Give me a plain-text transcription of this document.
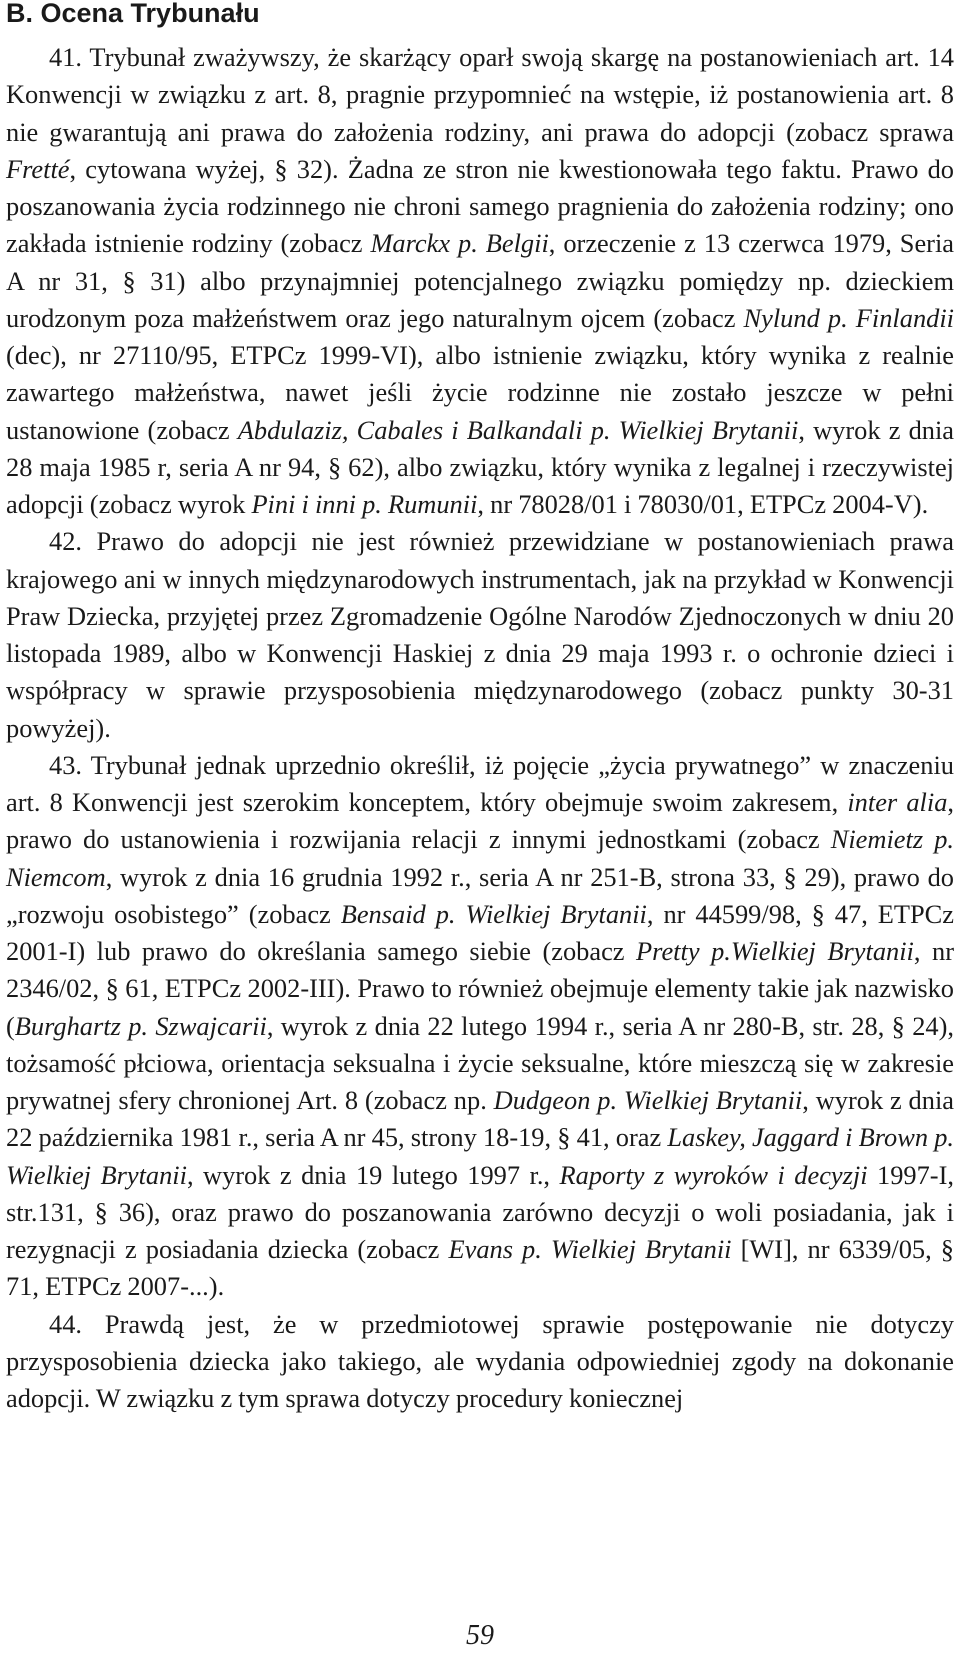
B. Ocena Trybunału

41. Trybunał zważywszy, że skarżący oparł swoją skargę na postanowieniach art. 14 Konwencji w związku z art. 8, pragnie przypomnieć na wstępie, iż postanowienia art. 8 nie gwarantują ani prawa do założenia rodziny, ani prawa do adopcji (zobacz sprawa Fretté, cytowana wyżej, § 32). Żadna ze stron nie kwestionowała tego faktu. Prawo do poszanowania życia rodzinnego nie chroni samego pragnienia do założenia rodziny; ono zakłada istnienie rodziny (zobacz Marckx p. Belgii, orzeczenie z 13 czerwca 1979, Seria A nr 31, § 31) albo przynajmniej potencjalnego związku pomiędzy np. dzieckiem urodzonym poza małżeństwem oraz jego naturalnym ojcem (zobacz Nylund p. Finlandii (dec), nr 27110/95, ETPCz 1999-VI), albo istnienie związku, który wynika z realnie zawartego małżeństwa, nawet jeśli życie rodzinne nie zostało jeszcze w pełni ustanowione (zobacz Abdulaziz, Cabales i Balkandali p. Wielkiej Brytanii, wyrok z dnia 28 maja 1985 r, seria A nr 94, § 62), albo związku, który wynika z legalnej i rzeczywistej adopcji (zobacz wyrok Pini i inni p. Rumunii, nr 78028/01 i 78030/01, ETPCz 2004-V).

42. Prawo do adopcji nie jest również przewidziane w postanowieniach prawa krajowego ani w innych międzynarodowych instrumentach, jak na przykład w Konwencji Praw Dziecka, przyjętej przez Zgromadzenie Ogólne Narodów Zjednoczonych w dniu 20 listopada 1989, albo w Konwencji Haskiej z dnia 29 maja 1993 r. o ochronie dzieci i współpracy w sprawie przysposobienia międzynarodowego (zobacz punkty 30-31 powyżej).

43. Trybunał jednak uprzednio określił, iż pojęcie „życia prywatnego” w znaczeniu art. 8 Konwencji jest szerokim konceptem, który obejmuje swoim zakresem, inter alia, prawo do ustanowienia i rozwijania relacji z innymi jednostkami (zobacz Niemietz p. Niemcom, wyrok z dnia 16 grudnia 1992 r., seria A nr 251-B, strona 33, § 29), prawo do „rozwoju osobistego” (zobacz Bensaid p. Wielkiej Brytanii, nr 44599/98, § 47, ETPCz 2001-I) lub prawo do określania samego siebie (zobacz Pretty p.Wielkiej Brytanii, nr 2346/02, § 61, ETPCz 2002-III). Prawo to również obejmuje elementy takie jak nazwisko (Burghartz p. Szwajcarii, wyrok z dnia 22 lutego 1994 r., seria A nr 280-B, str. 28, § 24), tożsamość płciowa, orientacja seksualna i życie seksualne, które mieszczą się w zakresie prywatnej sfery chronionej Art. 8 (zobacz np. Dudgeon p. Wielkiej Brytanii, wyrok z dnia 22 października 1981 r., seria A nr 45, strony 18-19, § 41, oraz Laskey, Jaggard i Brown p. Wielkiej Brytanii, wyrok z dnia 19 lutego 1997 r., Raporty z wyroków i decyzji 1997-I, str.131, § 36), oraz prawo do poszanowania zarówno decyzji o woli posiadania, jak i rezygnacji z posiadania dziecka (zobacz Evans p. Wielkiej Brytanii [WI], nr 6339/05, § 71, ETPCz 2007-...).

44. Prawdą jest, że w przedmiotowej sprawie postępowanie nie dotyczy przysposobienia dziecka jako takiego, ale wydania odpowiedniej zgody na dokonanie adopcji. W związku z tym sprawa dotyczy procedury koniecznej

59
